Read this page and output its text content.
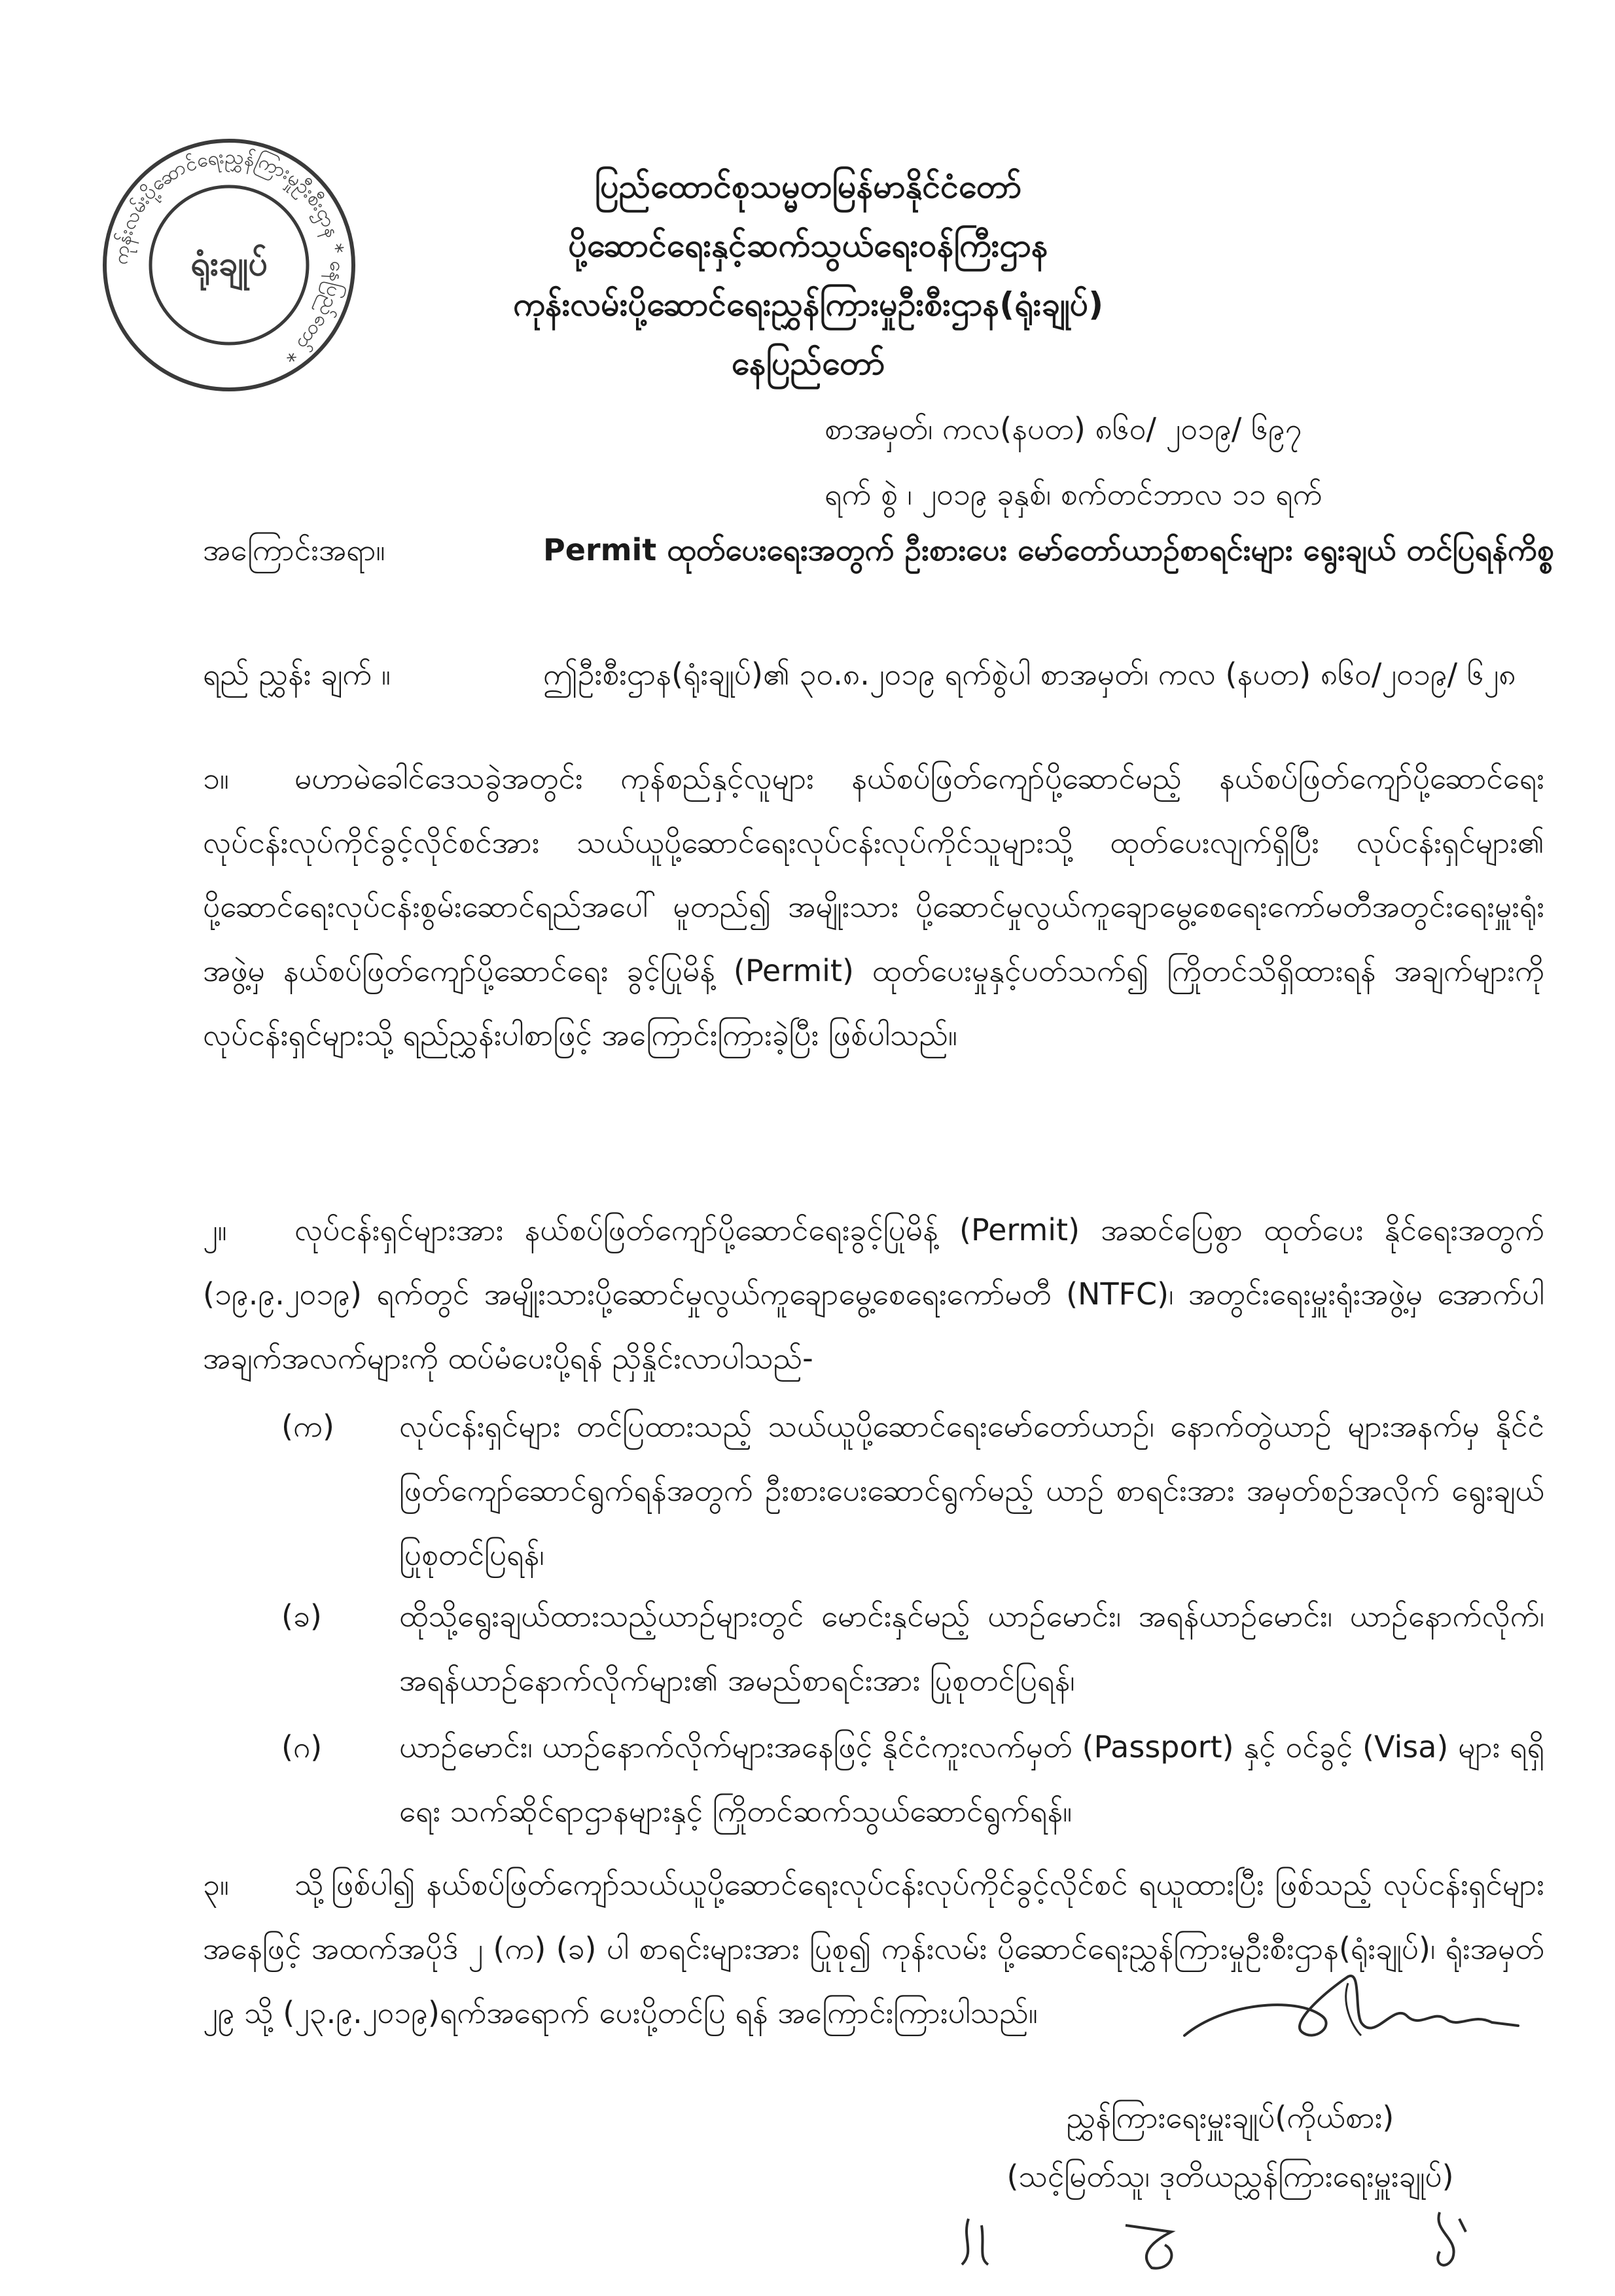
ကုန်းလမ်းပို့ဆောင်ရေးညွှန်ကြားမှုဦးစီးဌာန * နေပြည်တော် *
ရုံးချုပ်
ပြည်ထောင်စုသမ္မတမြန်မာနိုင်ငံတော်
ပို့ဆောင်ရေးနှင့်ဆက်သွယ်ရေးဝန်ကြီးဌာန
ကုန်းလမ်းပို့ဆောင်ရေးညွှန်ကြားမှုဦးစီးဌာန(ရုံးချုပ်)
နေပြည်တော်
စာအမှတ်၊ ကလ(နပတ) ၈၆၀/ ၂၀၁၉/ ၆၉၇
ရက် စွဲ ၊ ၂၀၁၉ ခုနှစ်၊ စက်တင်ဘာလ ၁၁ ရက်
အကြောင်းအရာ။	Permit ထုတ်ပေးရေးအတွက် ဦးစားပေး မော်တော်ယာဉ်စာရင်းများ ရွေးချယ် တင်ပြရန်ကိစ္စ
ရည် ညွှန်း ချက် ။	ဤဦးစီးဌာန(ရုံးချုပ်)၏ ၃၀.၈.၂၀၁၉ ရက်စွဲပါ စာအမှတ်၊ ကလ (နပတ) ၈၆၀/၂၀၁၉/ ၆၂၈
၁။ မဟာမဲခေါင်ဒေသခွဲအတွင်း ကုန်စည်နှင့်လူများ နယ်စပ်ဖြတ်ကျော်ပို့ဆောင်မည့် နယ်စပ်ဖြတ်ကျော်ပို့ဆောင်ရေးလုပ်ငန်းလုပ်ကိုင်ခွင့်လိုင်စင်အား သယ်ယူပို့ဆောင်ရေးလုပ်ငန်းလုပ်ကိုင်သူများသို့ ထုတ်ပေးလျက်ရှိပြီး လုပ်ငန်းရှင်များ၏ ပို့ဆောင်ရေးလုပ်ငန်းစွမ်းဆောင်ရည်အပေါ် မူတည်၍ အမျိုးသား ပို့ဆောင်မှုလွယ်ကူချောမွေ့စေရေးကော်မတီအတွင်းရေးမှူးရုံးအဖွဲ့မှ နယ်စပ်ဖြတ်ကျော်ပို့ဆောင်ရေး ခွင့်ပြုမိန့် (Permit) ထုတ်ပေးမှုနှင့်ပတ်သက်၍ ကြိုတင်သိရှိထားရန် အချက်များကို လုပ်ငန်းရှင်များသို့ ရည်ညွှန်းပါစာဖြင့် အကြောင်းကြားခဲ့ပြီး ဖြစ်ပါသည်။
၂။ လုပ်ငန်းရှင်များအား နယ်စပ်ဖြတ်ကျော်ပို့ဆောင်ရေးခွင့်ပြုမိန့် (Permit) အဆင်ပြေစွာ ထုတ်ပေး နိုင်ရေးအတွက် (၁၉.၉.၂၀၁၉) ရက်တွင် အမျိုးသားပို့ဆောင်မှုလွယ်ကူချောမွေ့စေရေးကော်မတီ (NTFC)၊ အတွင်းရေးမှူးရုံးအဖွဲ့မှ အောက်ပါအချက်အလက်များကို ထပ်မံပေးပို့ရန် ညှိနှိုင်းလာပါသည်-
(က)	လုပ်ငန်းရှင်များ တင်ပြထားသည့် သယ်ယူပို့ဆောင်ရေးမော်တော်ယာဉ်၊ နောက်တွဲယာဉ် များအနက်မှ နိုင်ငံဖြတ်ကျော်ဆောင်ရွက်ရန်အတွက် ဦးစားပေးဆောင်ရွက်မည့် ယာဉ် စာရင်းအား အမှတ်စဉ်အလိုက် ရွေးချယ်ပြုစုတင်ပြရန်၊
(ခ)	ထိုသို့ရွေးချယ်ထားသည့်ယာဉ်များတွင် မောင်းနှင်မည့် ယာဉ်မောင်း၊ အရန်ယာဉ်မောင်း၊ ယာဉ်နောက်လိုက်၊ အရန်ယာဉ်နောက်လိုက်များ၏ အမည်စာရင်းအား ပြုစုတင်ပြရန်၊
(ဂ)	ယာဉ်မောင်း၊ ယာဉ်နောက်လိုက်များအနေဖြင့် နိုင်ငံကူးလက်မှတ် (Passport) နှင့် ဝင်ခွင့် (Visa) များ ရရှိရေး သက်ဆိုင်ရာဌာနများနှင့် ကြိုတင်ဆက်သွယ်ဆောင်ရွက်ရန်။
၃။ သို့ဖြစ်ပါ၍ နယ်စပ်ဖြတ်ကျော်သယ်ယူပို့ဆောင်ရေးလုပ်ငန်းလုပ်ကိုင်ခွင့်လိုင်စင် ရယူထားပြီး ဖြစ်သည့် လုပ်ငန်းရှင်များအနေဖြင့် အထက်အပိုဒ် ၂ (က) (ခ) ပါ စာရင်းများအား ပြုစု၍ ကုန်းလမ်း ပို့ဆောင်ရေးညွှန်ကြားမှုဦးစီးဌာန(ရုံးချုပ်)၊ ရုံးအမှတ် ၂၉ သို့ (၂၃.၉.၂၀၁၉)ရက်အရောက် ပေးပို့တင်ပြ ရန် အကြောင်းကြားပါသည်။
ညွှန်ကြားရေးမှူးချုပ်(ကိုယ်စား)
(သင့်မြတ်သူ၊ ဒုတိယညွှန်ကြားရေးမှူးချုပ်)
